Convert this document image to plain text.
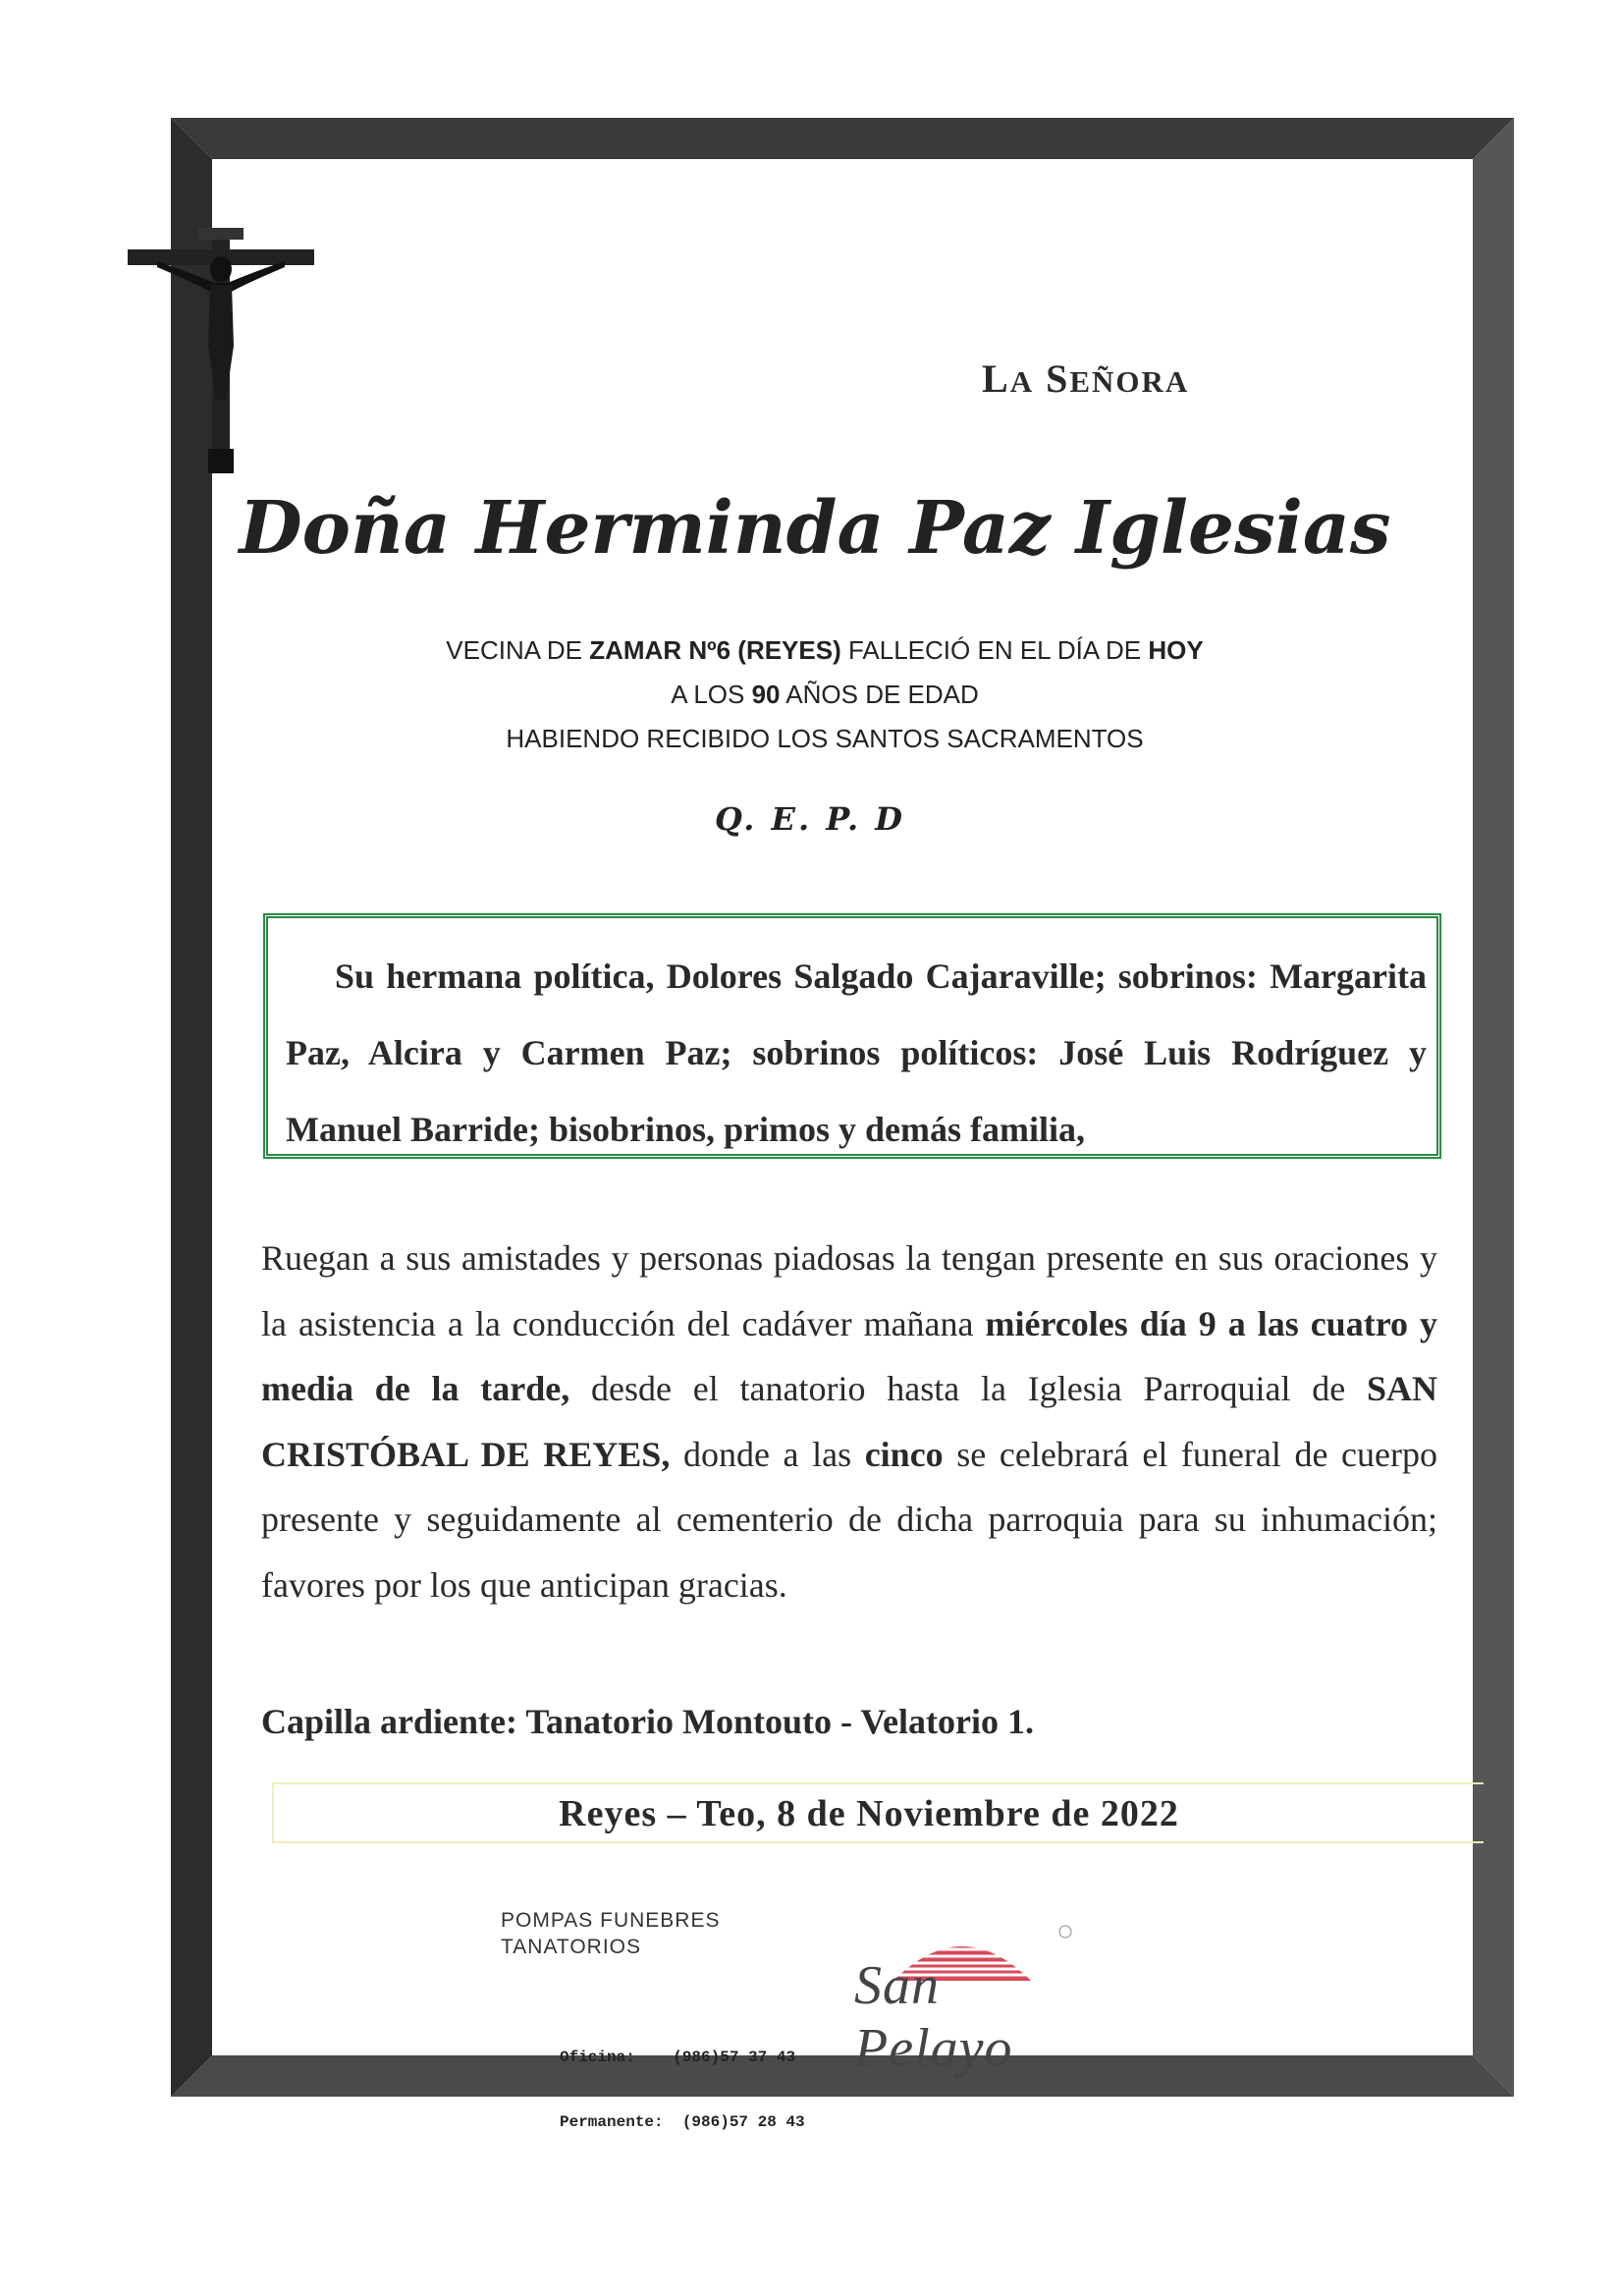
LA SEÑORA
Doña Herminda Paz Iglesias
VECINA DE ZAMAR Nº6 (REYES) FALLECIÓ EN EL DÍA DE HOY
A LOS 90 AÑOS DE EDAD
HABIENDO RECIBIDO LOS SANTOS SACRAMENTOS
Q. E. P. D
Su hermana política, Dolores Salgado Cajaraville; sobrinos: Margarita Paz, Alcira y Carmen Paz; sobrinos políticos: José Luis Rodríguez y Manuel Barride; bisobrinos, primos y demás familia,
Ruegan a sus amistades y personas piadosas la tengan presente en sus oraciones y la asistencia a la conducción del cadáver mañana miércoles día 9 a las cuatro y media de la tarde, desde el tanatorio hasta la Iglesia Parroquial de SAN CRISTÓBAL DE REYES, donde a las cinco se celebrará el funeral de cuerpo presente y seguidamente al cementerio de dicha parroquia para su inhumación; favores por los que anticipan gracias.
Capilla ardiente: Tanatorio Montouto - Velatorio 1.
Reyes – Teo, 8 de Noviembre de 2022
POMPAS FUNEBRES
TANATORIOS

Oficina:    (986)57 37 43

Permanente:  (986)57 28 43

San Pelayo
